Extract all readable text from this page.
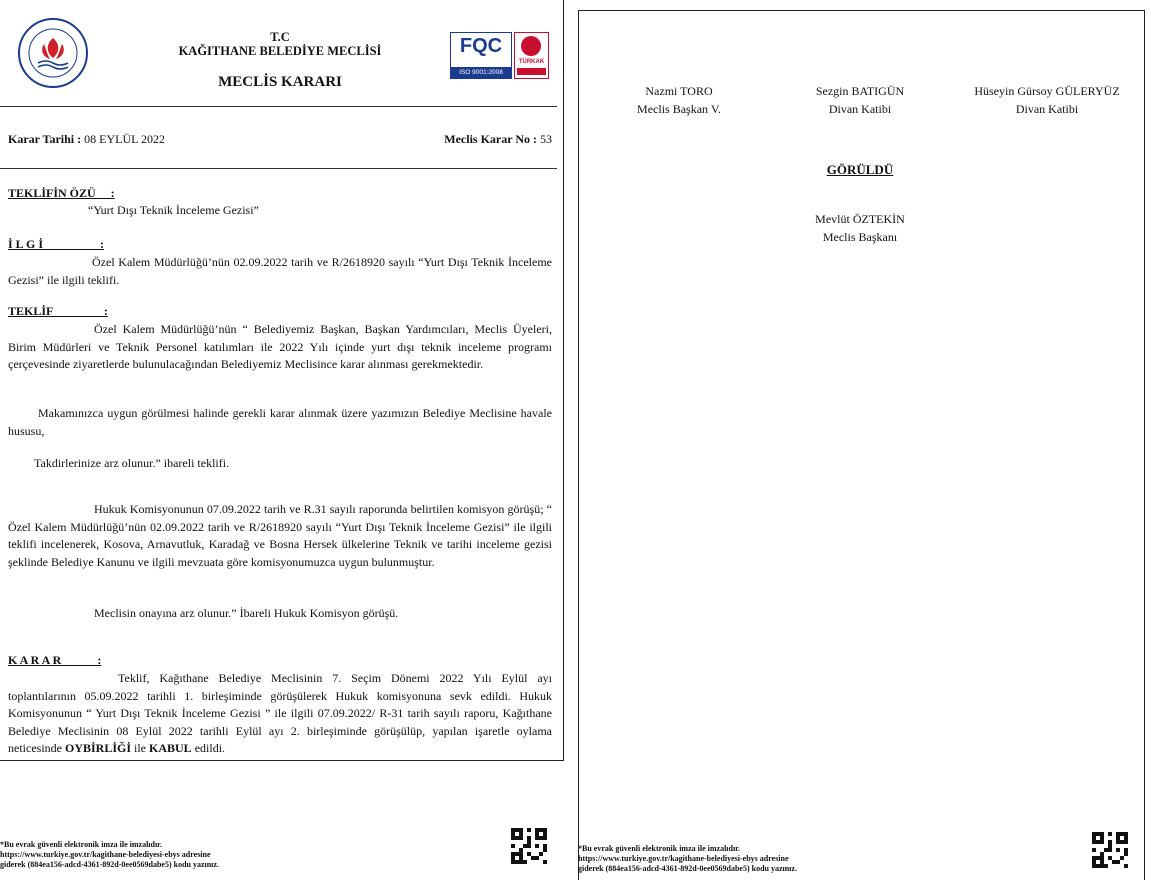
T.C
KAĞITHANE BELEDİYE MECLİSİ
MECLİS KARARI
FQC
ISO 9001:2008
TÜRKAK
Karar Tarihi : 08 EYLÜL 2022	Meclis Karar No : 53
TEKLİFİN ÖZÜ     :
“Yurt Dışı Teknik İnceleme Gezisi”
İ L G İ                   :
Özel Kalem Müdürlüğü’nün 02.09.2022 tarih ve R/2618920 sayılı “Yurt Dışı Teknik İnceleme Gezisi” ile ilgili teklifi.
TEKLİF                 :
Özel Kalem Müdürlüğü’nün “ Belediyemiz Başkan, Başkan Yardımcıları, Meclis Üyeleri, Birim Müdürleri ve Teknik Personel katılımları ile 2022 Yılı içinde yurt dışı teknik inceleme programı çerçevesinde ziyaretlerde bulunulacağından Belediyemiz Meclisince karar alınması gerekmektedir.
Makamınızca uygun görülmesi halinde gerekli karar alınmak üzere yazımızın Belediye Meclisine havale hususu,
Takdirlerinize arz olunur.” ibareli teklifi.
Hukuk Komisyonunun 07.09.2022 tarih ve R.31 sayılı raporunda belirtilen komisyon görüşü; “ Özel Kalem Müdürlüğü’nün 02.09.2022 tarih ve R/2618920 sayılı “Yurt Dışı Teknik İnceleme Gezisi” ile ilgili teklifi incelenerek, Kosova, Arnavutluk, Karadağ ve Bosna Hersek ülkelerine Teknik ve tarihi inceleme gezisi şeklinde Belediye Kanunu ve ilgili mevzuata göre komisyonumuzca uygun bulunmuştur.
Meclisin onayına arz olunur.” İbareli Hukuk Komisyon görüşü.
K A R A R            :
Teklif, Kağıthane Belediye Meclisinin 7. Seçim Dönemi 2022 Yılı Eylül ayı toplantılarının 05.09.2022 tarihli 1. birleşiminde görüşülerek Hukuk komisyonuna sevk edildi. Hukuk Komisyonunun “ Yurt Dışı Teknik İnceleme Gezisi ” ile ilgili 07.09.2022/ R-31 tarih sayılı raporu, Kağıthane Belediye Meclisinin 08 Eylül 2022 tarihli Eylül ayı 2. birleşiminde görüşülüp, yapılan işaretle oylama neticesinde OYBİRLİĞİ ile KABUL edildi.
*Bu evrak güvenli elektronik imza ile imzalıdır.
https://www.turkiye.gov.tr/kagithane-belediyesi-ebys adresine
giderek (884ea156-adcd-4361-892d-0ee0569dabe5) kodu yazınız.
Nazmi TORO
Meclis Başkan V.
Sezgin BATIGÜN
Divan Katibi
Hüseyin Gürsoy GÜLERYÜZ
Divan Katibi
GÖRÜLDÜ
Mevlüt ÖZTEKİN
Meclis Başkanı
*Bu evrak güvenli elektronik imza ile imzalıdır.
https://www.turkiye.gov.tr/kagithane-belediyesi-ebys adresine
giderek (884ea156-adcd-4361-892d-0ee0569dabe5) kodu yazınız.
